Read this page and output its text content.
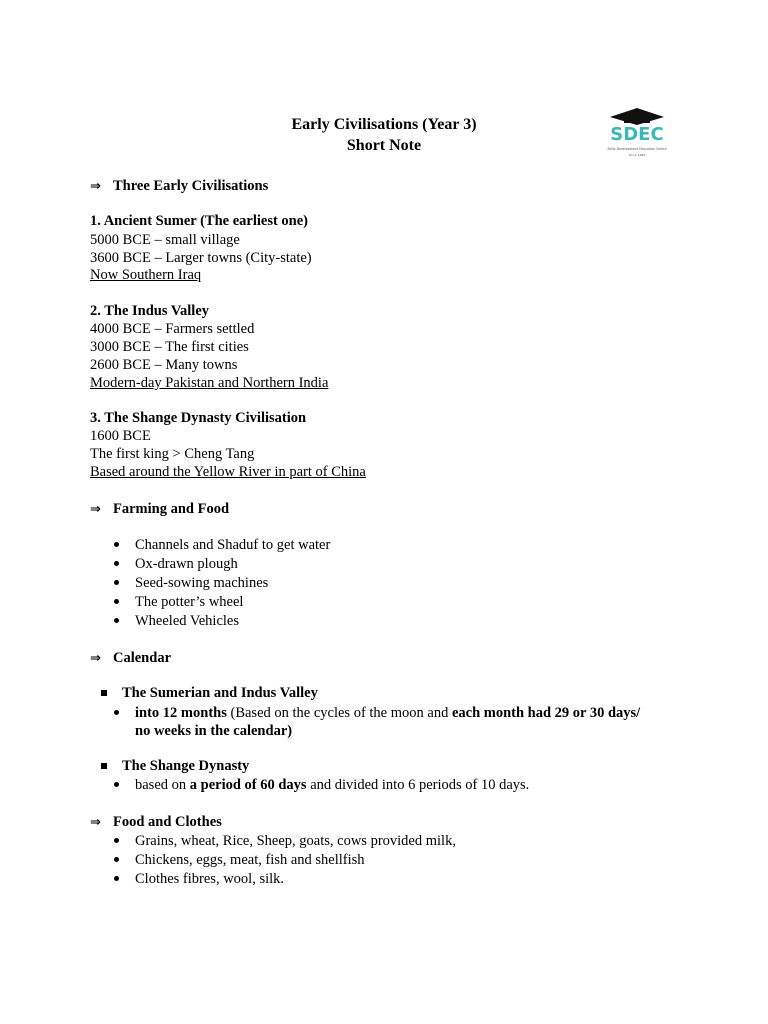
Early Civilisations (Year 3)
Short Note
SDEC
Skills Development Education Centre
Since 1989
⇒ Three Early Civilisations
1. Ancient Sumer (The earliest one)
5000 BCE – small village
3600 BCE – Larger towns (City-state)
Now Southern Iraq
2. The Indus Valley
4000 BCE – Farmers settled
3000 BCE – The first cities
2600 BCE – Many towns
Modern-day Pakistan and Northern India
3. The Shange Dynasty Civilisation
1600 BCE
The first king > Cheng Tang
Based around the Yellow River in part of China
⇒ Farming and Food
Channels and Shaduf to get water
Ox-drawn plough
Seed-sowing machines
The potter’s wheel
Wheeled Vehicles
⇒ Calendar
The Sumerian and Indus Valley
into 12 months (Based on the cycles of the moon and each month had 29 or 30 days/
no weeks in the calendar)
The Shange Dynasty
based on a period of 60 days and divided into 6 periods of 10 days.
⇒ Food and Clothes
Grains, wheat, Rice, Sheep, goats, cows provided milk,
Chickens, eggs, meat, fish and shellfish
Clothes fibres, wool, silk.
